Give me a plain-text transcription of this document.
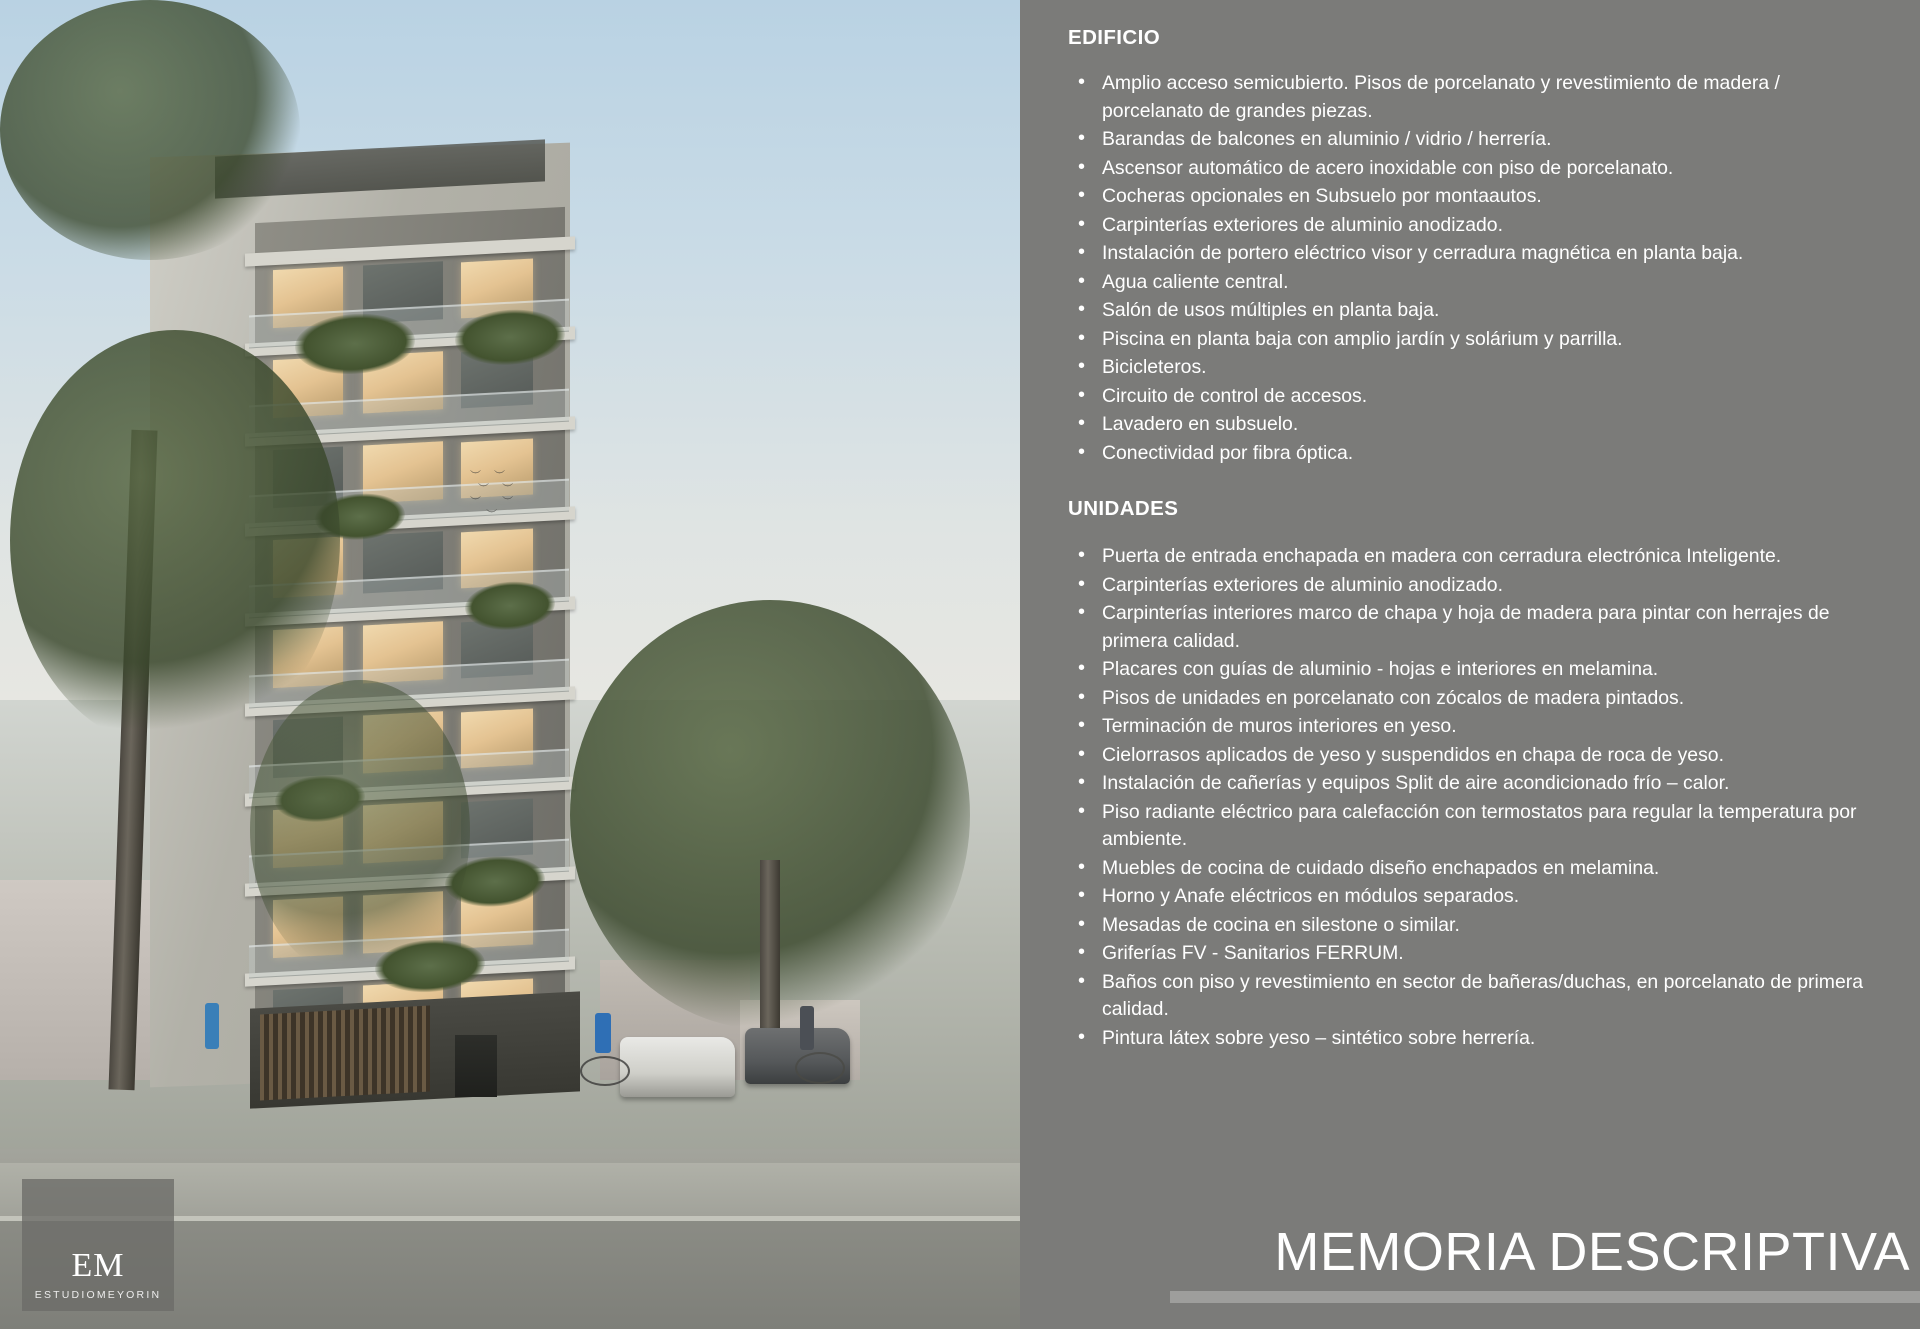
︶ ︶
︶ ︶
︶  ︶
︶
EM
ESTUDIOMEYORIN
EDIFICIO
• Amplio acceso semicubierto. Pisos de porcelanato y revestimiento de madera / porcelanato de grandes piezas.
• Barandas de balcones en aluminio / vidrio / herrería.
• Ascensor automático de acero inoxidable con piso de porcelanato.
• Cocheras opcionales en Subsuelo por montaautos.
• Carpinterías exteriores de aluminio anodizado.
• Instalación de portero eléctrico visor y cerradura magnética en planta baja.
• Agua caliente central.
• Salón de usos múltiples en planta baja.
• Piscina en planta baja con amplio jardín y solárium y parrilla.
• Bicicleteros.
• Circuito de control de accesos.
• Lavadero en subsuelo.
• Conectividad por fibra óptica.
UNIDADES
• Puerta de entrada enchapada en madera con cerradura electrónica Inteligente.
• Carpinterías exteriores de aluminio anodizado.
• Carpinterías interiores marco de chapa y hoja de madera para pintar con herrajes de primera calidad.
• Placares con guías de aluminio - hojas e interiores en melamina.
• Pisos de unidades en porcelanato con zócalos de madera pintados.
• Terminación de muros interiores en yeso.
• Cielorrasos aplicados de yeso y suspendidos en chapa de roca de yeso.
• Instalación de cañerías y equipos Split de aire acondicionado frío – calor.
• Piso radiante eléctrico para calefacción con termostatos para regular la temperatura por ambiente.
• Muebles de cocina de cuidado diseño enchapados en melamina.
• Horno y Anafe eléctricos en módulos separados.
• Mesadas de cocina en silestone o similar.
• Griferías FV - Sanitarios FERRUM.
• Baños con piso y revestimiento en sector de bañeras/duchas, en porcelanato de primera calidad.
• Pintura látex sobre yeso – sintético sobre herrería.
MEMORIA DESCRIPTIVA
